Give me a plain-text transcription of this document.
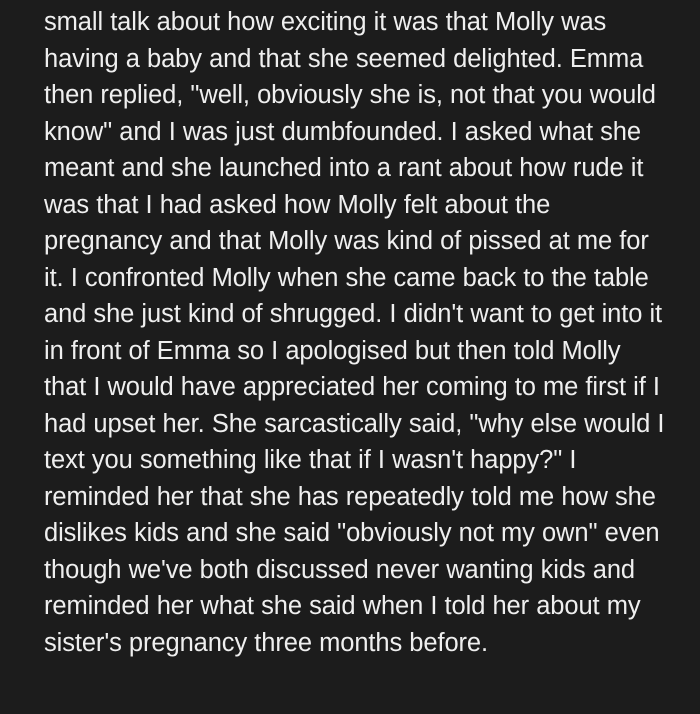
small talk about how exciting it was that Molly was having a baby and that she seemed delighted. Emma then replied, "well, obviously she is, not that you would know" and I was just dumbfounded. I asked what she meant and she launched into a rant about how rude it was that I had asked how Molly felt about the pregnancy and that Molly was kind of pissed at me for it. I confronted Molly when she came back to the table and she just kind of shrugged. I didn't want to get into it in front of Emma so I apologised but then told Molly that I would have appreciated her coming to me first if I had upset her. She sarcastically said, "why else would I text you something like that if I wasn't happy?" I reminded her that she has repeatedly told me how she dislikes kids and she said "obviously not my own" even though we've both discussed never wanting kids and reminded her what she said when I told her about my sister's pregnancy three months before.
